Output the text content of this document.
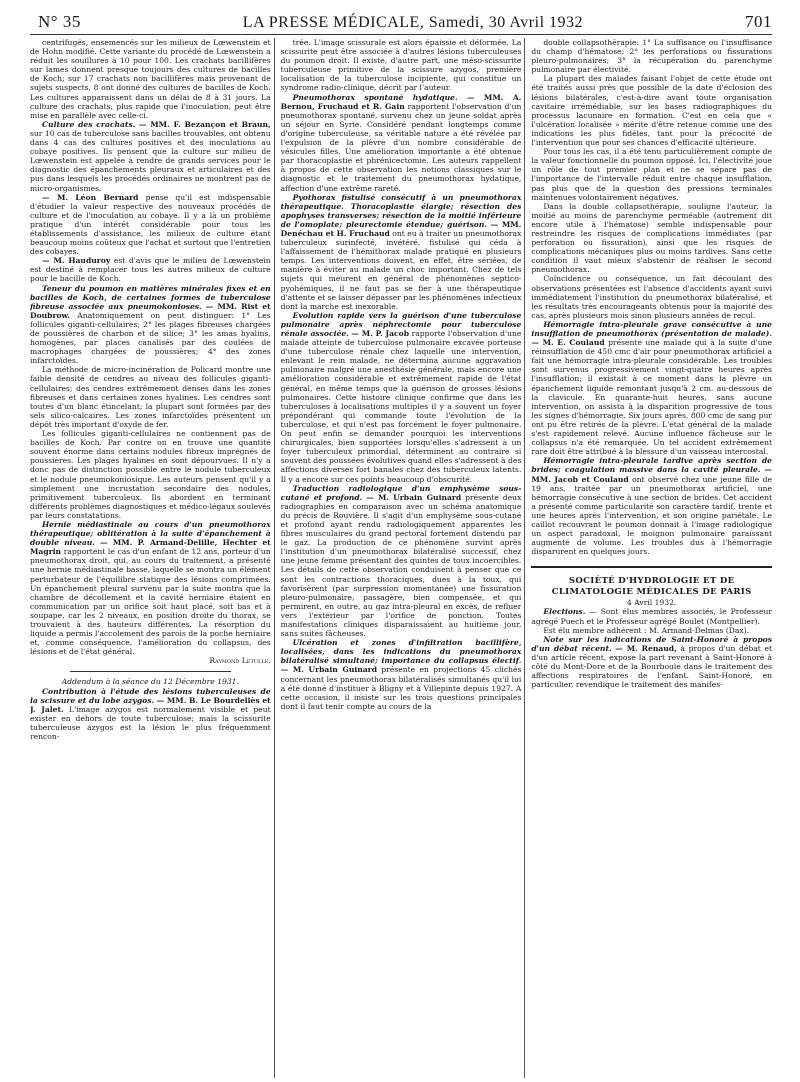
N° 35	LA PRESSE MÉDICALE, Samedi, 30 Avril 1932	701

centrifugés, ensemencés sur les milieux de Lœwenstein et de Hohn modifié. Cette variante du procédé de Lœwenstein a réduit les souillures à 10 pour 100. Les crachats bacillifères sur lames donnent presque toujours des cultures de bacilles de Koch; sur 17 crachats non bacillifères mais provenant de sujets suspects, 8 ont donné des cultures de bacilles de Koch. Les cultures apparaissent dans un délai de 8 à 31 jours. La culture des crachats, plus rapide que l'inoculation, peut être mise en parallèle avec celle-ci.

Culture des crachats. — MM. F. Bezançon et Braun, sur 10 cas de tuberculose sans bacilles trouvables, ont obtenu dans 4 cas des cultures positives et des inoculations au cobaye positives. Ils pensent que la culture sur milieu de Lœwenstein est appelée à rendre de grands services pour le diagnostic des épanchements pleuraux et articulaires et des pus dans lesquels les procédés ordinaires ne montrent pas de micro-organismes.

— M. Léon Bernard pense qu'il est indispensable d'étudier la valeur respective des nouveaux procédés de culture et de l'inoculation au cobaye. Il y a là un problème pratique d'un intérêt considérable pour tous les établissements d'assistance, les milieux de culture étant beaucoup moins coûteux que l'achat et surtout que l'entretien des cobayes.

— M. Hauduroy est d'avis que le milieu de Lœwenstein est destiné à remplacer tous les autres milieux de culture pour le bacille de Koch.

Teneur du poumon en matières minérales fixes et en bacilles de Koch, de certaines formes de tuberculose fibreuse associée aux pneumokonioses. — MM. Rist et Doubrow. Anatomiquement on peut distinguer: 1° Les follicules giganti-cellulaires; 2° les plages fibreuses chargées de poussières de charbon et de silice; 3° les amas hyalins, homogènes, par places canalisés par des coulées de macrophages chargées de poussières; 4° des zones infarctoïdes.

La méthode de micro-incinération de Policard montre une faible densité de cendres au niveau des follicules giganti-cellulaires; des cendres extrêmement denses dans les zones fibreuses et dans certaines zones hyalines. Les cendres sont toutes d'un blanc étincelant; la plupart sont formées par des sels silico-calcaires. Les zones infarctoïdes présentent un dépôt très important d'oxyde de fer.

Les follicules giganti-cellulaires ne contiennent pas de bacilles de Koch. Par contre on en trouve une quantité souvent énorme dans certains nodules fibreux imprégnés de poussières. Les plages hyalines en sont dépourvues. Il n'y a donc pas de distinction possible entre le nodule tuberculeux et le nodule pneumokoniosique. Les auteurs pensent qu'il y a simplement une incrustation secondaire des nodules, primitivement tuberculeux. Ils abordent en terminant différents problèmes diagnostiques et médico-légaux soulevés par leurs constatations.

Hernie médiastinale au cours d'un pneumothorax thérapeutique; oblitération à la suite d'épanchement à double niveau. — MM. P. Armand-Delille, Hechter et Magrin rapportent le cas d'un enfant de 12 ans, porteur d'un pneumothorax droit, qui, au cours du traitement, a présenté une hernie médiastinale basse, laquelle se montra un élément perturbateur de l'équilibre statique des lésions comprimées. Un épanchement pleural survenu par la suite montra que la chambre de décollement et la cavité herniaire étaient en communication par un orifice soit haut placé, soit bas et à soupape, car les 2 niveaux, en position droite du thorax, se trouvaient à des hauteurs différentes. La résorption du liquide a permis l'accolement des parois de la poche herniaire et, comme conséquence, l'amélioration du collapsus, des lésions et de l'état général.

Raymond Letulle.

Addendum à la séance du 12 Décembre 1931.

Contribution à l'étude des lésions tuberculeuses de la scissure et du lobe azygos. — MM. B. Le Bourdellès et J. Jalet. L'image azygos est normalement visible et peut exister en dehors de toute tuberculose; mais la scissurite tuberculeuse azygos est la lésion le plus fréquemment rencon-

trée. L'image scissurale est alors épaissie et déformée. La scissurite peut être associée à d'autres lésions tuberculeuses du poumon droit. Il existe, d'autre part, une méso-scissurite tuberculeuse primitive de la scissure azygos, première localisation de la tuberculose incipiente, qui constitue un syndrome radio-clinique, décrit par l'auteur.

Pneumothorax spontané hydatique. — MM. A. Bernou, Fruchaud et R. Gain rapportent l'observation d'un pneumothorax spontané, survenu chez un jeune soldat après un séjour en Syrie. Considéré pendant longtemps comme d'origine tuberculeuse, sa véritable nature a été révélée par l'expulsion de la plèvre d'un nombre considérable de vésicules filles. Une amélioration importante a été obtenue par thoracoplastie et phrénicectomie. Les auteurs rappellent à propos de cette observation les notions classiques sur le diagnostic et le traitement du pneumothorax hydatique, affection d'une extrême rareté.

Pyothorax fistulisé consécutif à un pneumothorax thérapeutique. Thoracoplastie élargie; résection des apophyses transverses; résection de la moitié inférieure de l'omoplate; pleurectomie étendue; guérison. — MM. Denéchau et H. Fruchaud ont eu à traiter un pneumothorax tuberculeux surinfecté, invétéré, fistulisé qui céda à l'affaissement de l'hémithorax malade pratiqué en plusieurs temps. Les interventions doivent, en effet, être sériées, de manière à éviter au malade un choc important. Chez de tels sujets qui meurent en général de phénomènes septico-pyohémiques, il ne faut pas se fier à une thérapeutique d'attente et se laisser dépasser par les phénomènes infectieux dont la marche est inexorable.

Evolution rapide vers la guérison d'une tuberculose pulmonaire après néphrectomie pour tuberculose rénale associée. — M. P. Jacob rapporte l'observation d'une malade atteinte de tuberculose pulmonaire excavée porteuse d'une tuberculose rénale chez laquelle une intervention, enlevant le rein malade, ne détermina aucune aggravation pulmonaire malgré une anesthésie générale, mais encore une amélioration considérable et extrêmement rapide de l'état général, en même temps que la guérison de grosses lésions pulmonaires. Cette histoire clinique confirme que dans les tuberculoses à localisations multiples il y a souvent un foyer prépondérant qui commande toute l'évolution de la tuberculose, et qui n'est pas forcément le foyer pulmonaire. On peut enfin se demander pourquoi les interventions chirurgicales, bien supportées lorsqu'elles s'adressent à un foyer tuberculeux primordial, déterminent au contraire si souvent des poussées évolutives quand elles s'adressent à des affections diverses fort banales chez des tuberculeux latents. Il y a encore sur ces points beaucoup d'obscurité.

Traduction radiologique d'un emphysème sous-cutané et profond. — M. Urbain Guinard présente deux radiographies en comparaison avec un schéma anatomique du précis de Rouvière. Il s'agit d'un emphysème sous-cutané et profond ayant rendu radiologiquement apparentes les fibres musculaires du grand pectoral fortement distendu par le gaz. La production de ce phénomène survint après l'institution d'un pneumothorax bilatéralisé successif, chez une jeune femme présentant des quintes de toux incoercibles. Les détails de cette observation conduisent à penser que ce sont les contractions thoraciques, dues à la toux, qui favorisèrent (par surpression momentanée) une fissuration pleuro-pulmonaire, passagère, bien compensée, et qui permirent, en outre, au gaz intra-pleural en excès, de refluer vers l'extérieur par l'orifice de ponction. Toutes manifestations cliniques disparaissaient au huitième jour, sans suites fâcheuses.

Ulcération et zones d'infiltration bacillifère, localisées, dans les indications du pneumothorax bilatéralisé simultané; importance du collapsus électif. — M. Urbain Guinard présente en projections 45 clichés concernant les pneumothorax bilatéralisés simultanés qu'il lui a été donné d'instituer à Bligny et à Villepinte depuis 1927. A cette occasion, il insiste sur les trois questions principales dont il faut tenir compte au cours de la

double collapsothérapie: 1° La suffisance ou l'insuffisance du champ d'hématose; 2° les perforations ou fissurations pleuro-pulmonaires; 3° la récupération du parenchyme pulmonaire par électivité.

La plupart des malades faisant l'objet de cette étude ont été traités aussi près que possible de la date d'éclosion des lésions bilatérales, c'est-à-dire avant toute organisation cavitaire irrémédiable, sur les bases radiographiques du processus lacunaire en formation. C'est en cela que « l'ulcération localisée » mérite d'être retenue comme une des indications les plus fidèles, tant pour la précocité de l'intervention que pour ses chances d'efficacité ultérieure.

Pour tous les cas, il a été tenu particulièrement compte de la valeur fonctionnelle du poumon opposé. Ici, l'électivité joue un rôle de tout premier plan et ne se sépare pas de l'importance de l'intervalle réduit entre chaque insufflation, pas plus que de la question des pressions terminales maintenues volontairement négatives.

Dans la double collapsothérapie, souligne l'auteur, la moitié au moins de parenchyme perméable (autrement dit encore utile à l'hématose) semble indispensable pour restreindre les risques de complications immédiates (par perforation ou fissuration), ainsi que les risques de complications mécaniques plus ou moins tardives. Sans cette condition il vaut mieux s'abstenir de réaliser le second pneumothorax.

Coïncidence ou conséquence, un fait découlant des observations présentées est l'absence d'accidents ayant suivi immédiatement l'institution du pneumothorax bilatéralisé, et les résultats très encourageants obtenus pour la majorité des cas, après plusieurs mois sinon plusieurs années de recul.

Hémorragie intra-pleurale grave consécutive à une insufflation de pneumothorax (présentation de malade). — M. E. Coulaud présente une malade qui à la suite d'une réinsufflation de 450 cmc d'air pour pneumothorax artificiel a fait une hémorragie intra-pleurale considérable. Les troubles sont survenus progressivement vingt-quatre heures après l'insufflation; il existait à ce moment dans la plèvre un épanchement liquide remontant jusqu'à 2 cm. au-dessous de la clavicule. En quarante-huit heures, sans aucune intervention, on assista à la disparition progressive de tous les signes d'hémorragie. Six jours après, 800 cmc de sang pur ont pu être retirés de la plèvre. L'état général de la malade s'est rapidement relevé. Aucune influence fâcheuse sur le collapsus n'a été remarquée. Un tel accident extrêmement rare doit être attribué à la blessure d'un vaisseau intercostal.

Hémorragie intra-pleurale tardive après section de brides; coagulation massive dans la cavité pleurale. — MM. Jacob et Coulaud ont observé chez une jeune fille de 19 ans, traitée par un pneumothorax artificiel, une hémorragie consécutive à une section de brides. Cet accident a présenté comme particularité son caractère tardif, trente et une heures après l'intervention, et son origine pariétale. Le caillot recouvrant le poumon donnait à l'image radiologique un aspect paradoxal, le moignon pulmonaire paraissant augmenté de volume. Les troubles dus à l'hémorragie disparurent en quelques jours.

SOCIÉTÉ D'HYDROLOGIE ET DE CLIMATOLOGIE MÉDICALES DE PARIS

4 Avril 1932.

Elections. — Sont élus membres associés, le Professeur agrégé Puech et le Professeur agrégé Boulet (Montpellier).

Est élu membre adhérent : M. Armand-Delmas (Dax).

Note sur les indications de Saint-Honoré à propos d'un débat récent. — M. Renaud, à propos d'un débat et d'un article récent, expose la part revenant à Saint-Honoré à côté du Mont-Dore et de la Bourboule dans le traitement des affections respiratoires de l'enfant. Saint-Honoré, en particulier, revendique le traitement des manifes-
